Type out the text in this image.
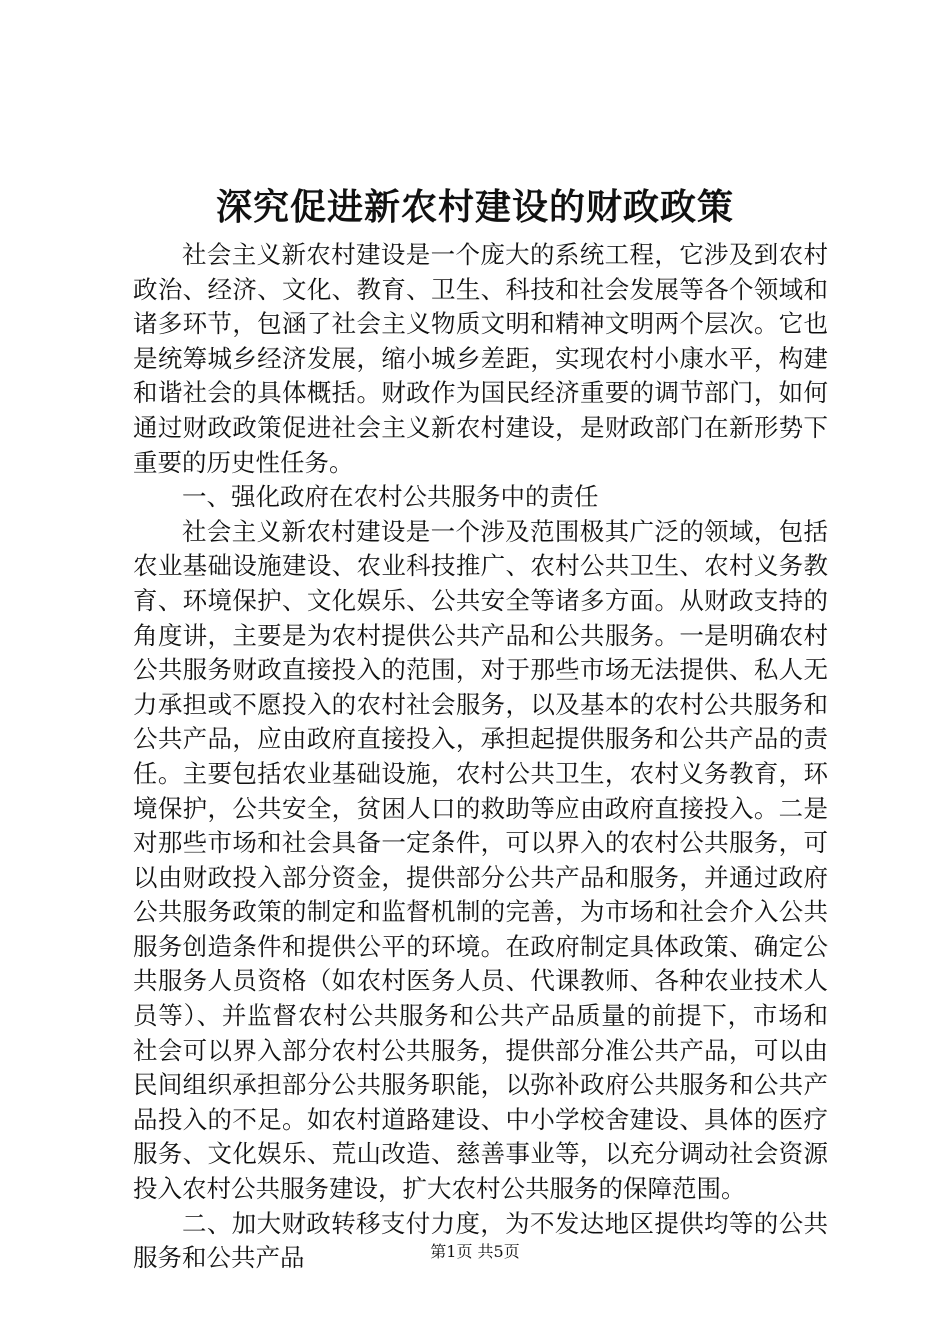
深究促进新农村建设的财政政策

社会主义新农村建设是一个庞大的系统工程，它涉及到农村政治、经济、文化、教育、卫生、科技和社会发展等各个领域和诸多环节，包涵了社会主义物质文明和精神文明两个层次。它也是统筹城乡经济发展，缩小城乡差距，实现农村小康水平，构建和谐社会的具体概括。财政作为国民经济重要的调节部门，如何通过财政政策促进社会主义新农村建设，是财政部门在新形势下重要的历史性任务。

一、强化政府在农村公共服务中的责任

社会主义新农村建设是一个涉及范围极其广泛的领域，包括农业基础设施建设、农业科技推广、农村公共卫生、农村义务教育、环境保护、文化娱乐、公共安全等诸多方面。从财政支持的角度讲，主要是为农村提供公共产品和公共服务。一是明确农村公共服务财政直接投入的范围，对于那些市场无法提供、私人无力承担或不愿投入的农村社会服务，以及基本的农村公共服务和公共产品，应由政府直接投入，承担起提供服务和公共产品的责任。主要包括农业基础设施，农村公共卫生，农村义务教育，环境保护，公共安全，贫困人口的救助等应由政府直接投入。二是对那些市场和社会具备一定条件，可以界入的农村公共服务，可以由财政投入部分资金，提供部分公共产品和服务，并通过政府公共服务政策的制定和监督机制的完善，为市场和社会介入公共服务创造条件和提供公平的环境。在政府制定具体政策、确定公共服务人员资格（如农村医务人员、代课教师、各种农业技术人员等）、并监督农村公共服务和公共产品质量的前提下，市场和社会可以界入部分农村公共服务，提供部分准公共产品，可以由民间组织承担部分公共服务职能，以弥补政府公共服务和公共产品投入的不足。如农村道路建设、中小学校舍建设、具体的医疗服务、文化娱乐、荒山改造、慈善事业等，以充分调动社会资源投入农村公共服务建设，扩大农村公共服务的保障范围。

二、加大财政转移支付力度，为不发达地区提供均等的公共服务和公共产品	第1页 共5页
